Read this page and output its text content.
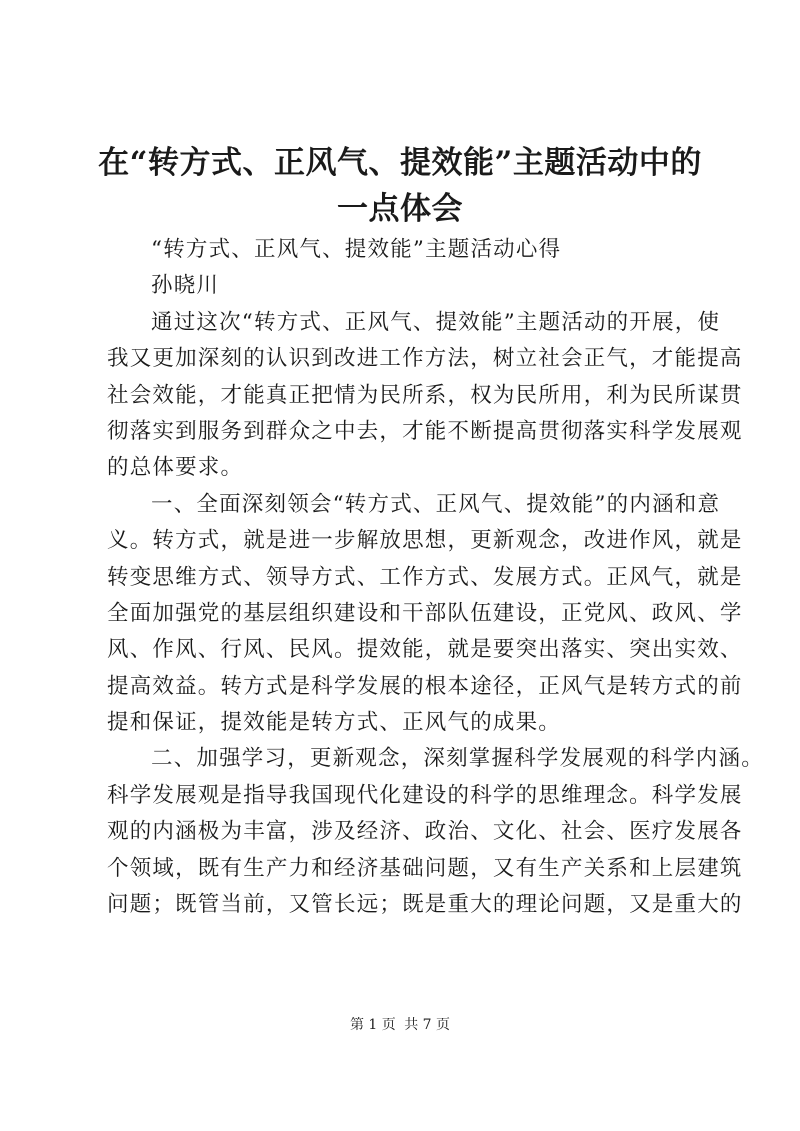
在“转方式、正风气、提效能”主题活动中的
一点体会
“转方式、正风气、提效能”主题活动心得
孙晓川
通过这次“转方式、正风气、提效能”主题活动的开展，使
我又更加深刻的认识到改进工作方法，树立社会正气，才能提高
社会效能，才能真正把情为民所系，权为民所用，利为民所谋贯
彻落实到服务到群众之中去，才能不断提高贯彻落实科学发展观
的总体要求。
一、全面深刻领会“转方式、正风气、提效能”的内涵和意
义。转方式，就是进一步解放思想，更新观念，改进作风，就是
转变思维方式、领导方式、工作方式、发展方式。正风气，就是
全面加强党的基层组织建设和干部队伍建设，正党风、政风、学
风、作风、行风、民风。提效能，就是要突出落实、突出实效、
提高效益。转方式是科学发展的根本途径，正风气是转方式的前
提和保证，提效能是转方式、正风气的成果。
二、加强学习，更新观念，深刻掌握科学发展观的科学内涵。
科学发展观是指导我国现代化建设的科学的思维理念。科学发展
观的内涵极为丰富，涉及经济、政治、文化、社会、医疗发展各
个领域，既有生产力和经济基础问题，又有生产关系和上层建筑
问题；既管当前，又管长远；既是重大的理论问题，又是重大的
第 1 页 共 7 页
